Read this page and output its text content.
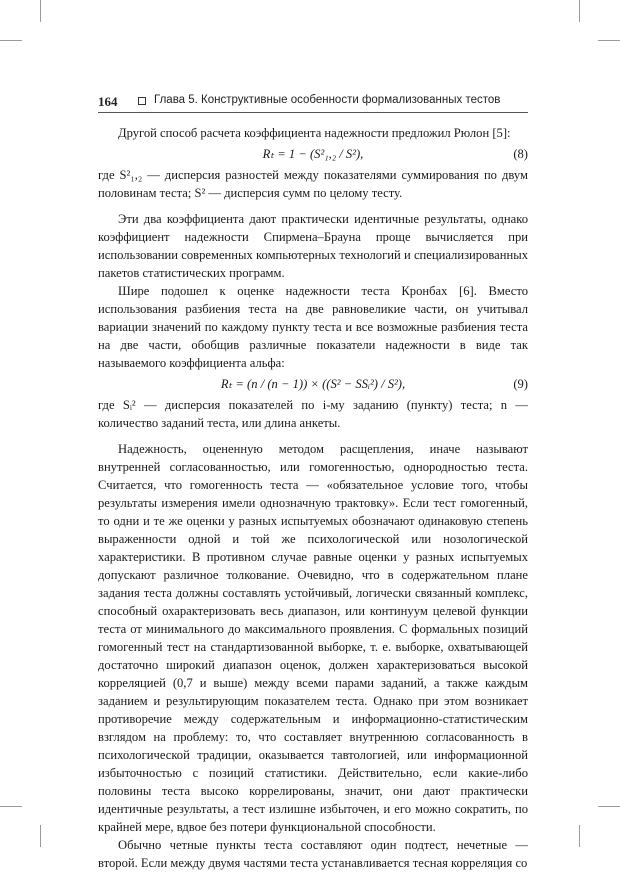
164	Глава 5. Конструктивные особенности формализованных тестов

Другой способ расчета коэффициента надежности предложил Рюлон [5]:

Rₜ = 1 − (S²₁,₂ / S²),	(8)

где S²₁,₂ — дисперсия разностей между показателями суммирования по двум половинам теста; S² — дисперсия сумм по целому тесту.

Эти два коэффициента дают практически идентичные результаты, однако коэффициент надежности Спирмена–Брауна проще вычисляется при использовании современных компьютерных технологий и специализированных пакетов статистических программ.

Шире подошел к оценке надежности теста Кронбах [6]. Вместо использования разбиения теста на две равновеликие части, он учитывал вариации значений по каждому пункту теста и все возможные разбиения теста на две части, обобщив различные показатели надежности в виде так называемого коэффициента альфа:

Rₜ = (n / (n − 1)) × ((S² − SSᵢ²) / S²),	(9)

где Sᵢ² — дисперсия показателей по i-му заданию (пункту) теста; n — количество заданий теста, или длина анкеты.

Надежность, оцененную методом расщепления, иначе называют внутренней согласованностью, или гомогенностью, однородностью теста. Считается, что гомогенность теста — «обязательное условие того, чтобы результаты измерения имели однозначную трактовку». Если тест гомогенный, то одни и те же оценки у разных испытуемых обозначают одинаковую степень выраженности одной и той же психологической или нозологической характеристики. В противном случае равные оценки у разных испытуемых допускают различное толкование. Очевидно, что в содержательном плане задания теста должны составлять устойчивый, логически связанный комплекс, способный охарактеризовать весь диапазон, или континуум целевой функции теста от минимального до максимального проявления. С формальных позиций гомогенный тест на стандартизованной выборке, т. е. выборке, охватывающей достаточно широкий диапазон оценок, должен характеризоваться высокой корреляцией (0,7 и выше) между всеми парами заданий, а также каждым заданием и результирующим показателем теста. Однако при этом возникает противоречие между содержательным и информационно-статистическим взглядом на проблему: то, что составляет внутреннюю согласованность в психологической традиции, оказывается тавтологией, или информационной избыточностью с позиций статистики. Действительно, если какие-либо половины теста высоко коррелированы, значит, они дают практически идентичные результаты, а тест излишне избыточен, и его можно сократить, по крайней мере, вдвое без потери функциональной способности.

Обычно четные пункты теста составляют один подтест, нечетные — второй. Если между двумя частями теста устанавливается тесная корреляция со
